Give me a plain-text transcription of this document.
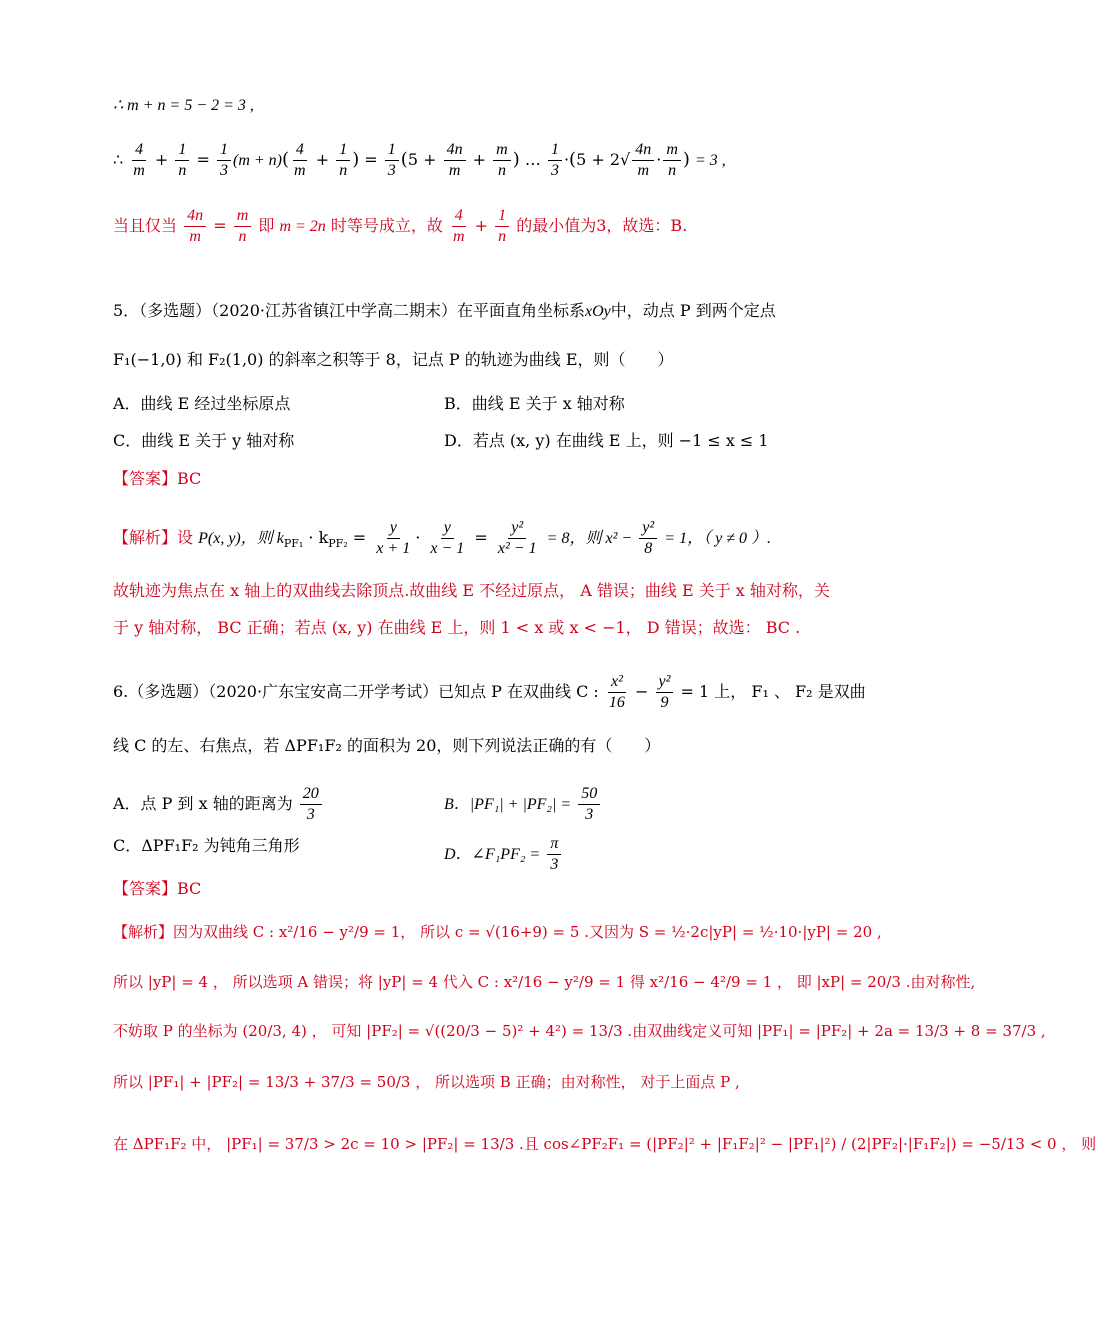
∴ m + n = 5 − 2 = 3 ,
∴ $\frac{4}{m} + \frac{1}{n} = \frac{1}{3} (m + n)( \frac{4}{m} + \frac{1}{n}$ ) = $\frac{1}{3} (5 + \frac{4n}{m} + \frac{m}{n}$ ) … $\frac{1}{3} \cdot(5 + 2√ \frac{4n}{m} \cdot \frac{m}{n}$ ) = 3 ,
当且仅当 $\frac{4n}{m} = \frac{m}{n}$ 即 m = 2n 时等号成立，故 $\frac{4}{m} + \frac{1}{n}$ 的最小值为3，故选：B.
5．（多选题）（2020·江苏省镇江中学高二期末）在平面直角坐标系xOy中，动点 P 到两个定点
F₁(−1,0) 和 F₂(1,0) 的斜率之积等于 8，记点 P 的轨迹为曲线 E，则（　　）
A．曲线 E 经过坐标原点	B．曲线 E 关于 x 轴对称
C．曲线 E 关于 y 轴对称	D．若点 (x, y) 在曲线 E 上，则 −1 ≤ x ≤ 1
【答案】BC
【解析】设 P(x, y)，则 $k_{PF_1} \cdot k_{PF_2} = \frac{y}{x + 1} \cdot \frac{y}{x - 1} = \frac{\text{y²}}{\text{x² − 1}} = 8$，则 $x^2 - \frac{\text{y²}}{8} = 1$，（ y ≠ 0 ）.
故轨迹为焦点在 x 轴上的双曲线去除顶点.故曲线 E 不经过原点， A 错误；曲线 E 关于 x 轴对称，关
于 y 轴对称， BC 正确；若点 (x, y) 在曲线 E 上，则 1 < x 或 x < −1， D 错误；故选： BC .
6.（多选题）（2020·广东宝安高二开学考试）已知点 P 在双曲线 C : $\frac{\text{x²}}{16} - \frac{\text{y²}}{9} = 1$ 上， F₁ 、 F₂ 是双曲
线 C 的左、右焦点，若 ΔPF₁F₂ 的面积为 20，则下列说法正确的有（　　）
A．点 P 到 x 轴的距离为 $\frac{20}{3}$	B．$|PF_1| + |PF_2| = \frac{50}{3}$
C．ΔPF₁F₂ 为钝角三角形	D．∠F₁PF₂ = $\frac{\pi}{3}$
【答案】BC
【解析】因为双曲线 C : x²/16 − y²/9 = 1， 所以 c = √(16+9) = 5 .又因为 S = ½·2c|yP| = ½·10·|yP| = 20 ,
所以 |yP| = 4 ， 所以选项 A 错误；将 |yP| = 4 代入 C : x²/16 − y²/9 = 1 得 x²/16 − 4²/9 = 1 ， 即 |xP| = 20/3 .由对称性,
不妨取 P 的坐标为 (20/3, 4) ， 可知 |PF₂| = √((20/3 − 5)² + 4²) = 13/3 .由双曲线定义可知 |PF₁| = |PF₂| + 2a = 13/3 + 8 = 37/3 ,
所以 |PF₁| + |PF₂| = 13/3 + 37/3 = 50/3 ， 所以选项 B 正确；由对称性， 对于上面点 P ,
在 ΔPF₁F₂ 中， |PF₁| = 37/3 > 2c = 10 > |PF₂| = 13/3 .且 cos∠PF₂F₁ = (|PF₂|² + |F₁F₂|² − |PF₁|²) / (2|PF₂|·|F₁F₂|) = −5/13 < 0 ， 则
